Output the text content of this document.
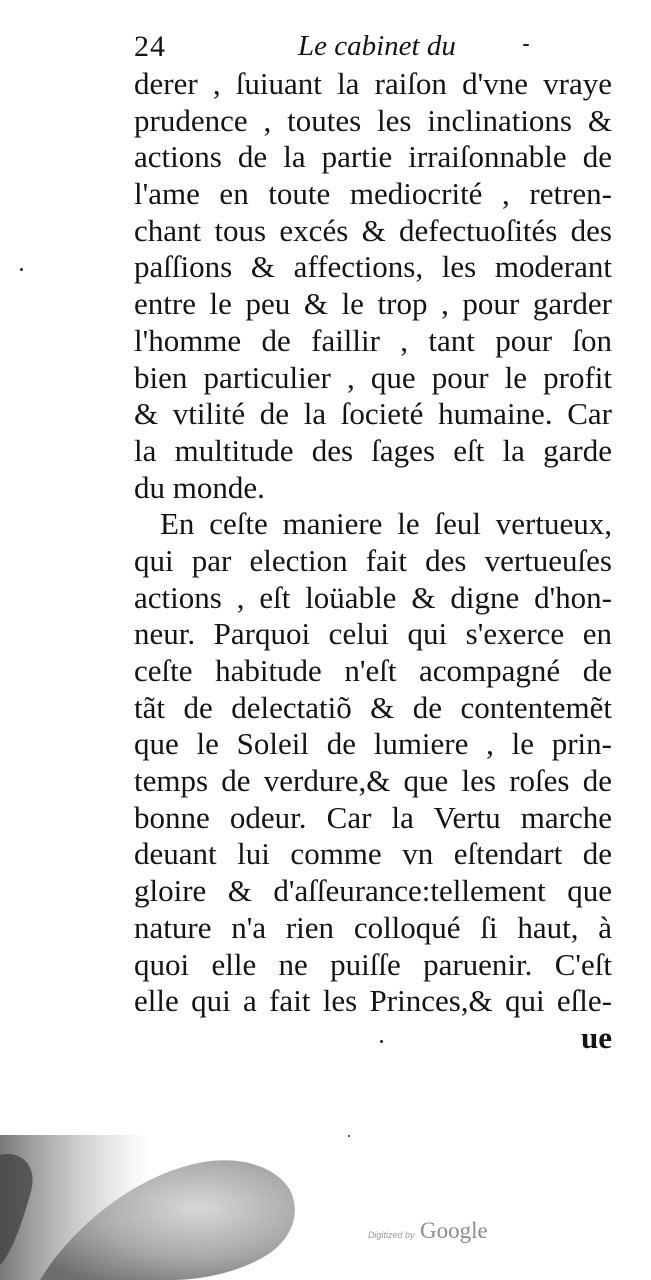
24	Le cabinet du
derer , ſuiuant la raiſon d'vne vraye
prudence , toutes les inclinations &
actions de la partie irraiſonnable de
l'ame en toute mediocrité , retren-
chant tous excés & defectuoſités des
paſſions & affections, les moderant
entre le peu & le trop , pour garder
l'homme de faillir , tant pour ſon
bien particulier , que pour le profit
& vtilité de la ſocieté humaine. Car
la multitude des ſages eſt la garde
du monde.
En ceſte maniere le ſeul vertueux,
qui par election fait des vertueuſes
actions , eſt loüable & digne d'hon-
neur. Parquoi celui qui s'exerce en
ceſte habitude n'eſt acompagné de
tãt de delectatiõ & de contentemẽt
que le Soleil de lumiere , le prin-
temps de verdure,& que les roſes de
bonne odeur. Car la Vertu marche
deuant lui comme vn eſtendart de
gloire & d'aſſeurance:tellement que
nature n'a rien colloqué ſi haut, à
quoi elle ne puiſſe paruenir. C'eſt
elle qui a fait les Princes,& qui eſle-
ue
Digitized by Google
